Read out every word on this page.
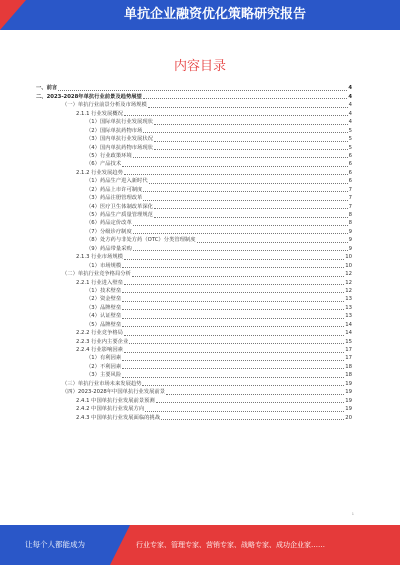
单抗企业融资优化策略研究报告
内容目录
一、前言	4
二、2023-2028年单抗行业前景及趋势展望	4
（一）单抗行业前景分析及市场规模	4
2.1.1 行业发展概况	4
（1）国际单抗行业发展现状	4
（2）国际单抗药物市场	5
（3）国内单抗行业发展状况	5
（4）国内单抗药物市场现状	5
（5）行业政策环境	6
（6）产品技术	6
2.1.2 行业发展趋势	6
（1）药品生产进入新时代	6
（2）药品上市许可制度	7
（3）药品注册管理改革	7
（4）医疗卫生体制改革深化	7
（5）药品生产质量管理规范	8
（6）药品定价改革	8
（7）分级诊疗制度	9
（8）处方药与非处方药（OTC）分类管理制度	9
（9）药品带量采购	9
2.1.3 行业市场规模	10
（1）市场规模	10
（二）单抗行业竞争格局分析	12
2.2.1 行业进入壁垒	12
（1）技术壁垒	12
（2）资金壁垒	13
（3）品牌壁垒	13
（4）认证壁垒	13
（5）品牌壁垒	14
2.2.2 行业竞争格局	14
2.2.3 行业内主要企业	15
2.2.4 行业影响因素	17
（1）有利因素	17
（2）不利因素	18
（3）主要风险	18
（三）单抗行业市场未来发展趋势	19
（四）2023-2028年中国单抗行业发展前景	19
2.4.1 中国单抗行业发展前景预测	19
2.4.2 中国单抗行业发展方向	19
2.4.3 中国单抗行业发展面临的挑战	20
1
让每个人都能成为	行业专家、管理专家、营销专家、战略专家、成功企业家……
